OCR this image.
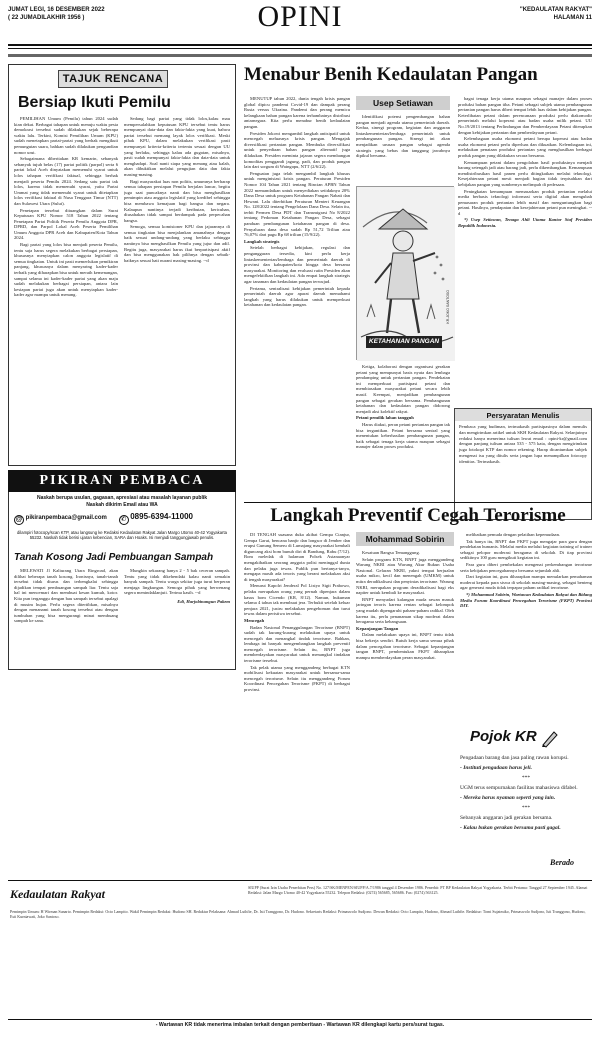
JUMAT LEGI, 16 DESEMBER 2022
( 22 JUMADILAKHIR 1956 )	OPINI	"KEDAULATAN RAKYAT"
HALAMAN 11
TAJUK RENCANA
Bersiap Ikuti Pemilu

PEMILIHAN Umum (Pemilu) tahun 2024 sudah kian dekat. Berbagai tahapan untuk menuju waktu pesta demokrasi tersebut sudah dilakukan sejak beberapa waktu lalu. Terkini, Komisi Pemilihan Umum (KPU) sudah menetapkan partai-partai yang berhak mengikuti pemungutan suara, bahkan sudah dilakukan pengundian nomor urut.

Sebagaimana diberitakan KR kemarin, sebanyak sebanyak tujuh belas (17) partai politik (parpol) serta 6 partai lokal Aceh dinyatakan memenuhi syarat untuk lolos tahapan verifikasi faktual, sehingga berhak menjadi peserta Pemilu 2024. Sedang satu partai tak lolos, karena tidak memenuhi syarat, yaitu Partai Ummat yang tidak memenuhi syarat untuk ditetapkan lolos verifikasi faktual di Nusa Tenggara Timur (NTT) dan Sulawesi Utara (Sulut).

Penetapan tersebut dituangkan dalam Surat Keputusan KPU Nomor 518 Tahun 2022 tentang Penetapan Partai Politik Peserta Pemilu Anggota DPR, DPRD, dan Parpol Lokal Aceh Peserta Pemilihan Umum Anggota DPR Aceh dan Kabupaten/Kota Tahun 2024.

Bagi partai yang lolos bisa menjadi peserta Pemilu, tentu saja harus segera melakukan berbagai persiapan, khususnya menyiapkan calon anggota legislatif di semua tingkatan. Untuk ini pasti memerlukan pemikiran panjang, khususnya dalam menyaring kader-kader terbaik yang diharapkan bisa untuk meraih kemenangan, sampai selama ini kader-kader partai yang akan maju sudah melakukan berbagai persiapan, antara lain kesiapan partai juga akan untuk menyiapkan kader-kader agar mampu untuk menang.

Sedang bagi partai yang tidak lolos,kalau mau mempersalahkan keputusan KPU tersebut tentu harus mempunyai data-data dan fakta-fakta yang kuat, bahwa partai tersebut memang layak lolos verifikasi. Meski pihak KPU, dalam melakukan verifikasi pasti mempunyai kriteria-kriteria tertentu sesuai dengan UU yang berlaku, sehingga kalau ada gugatan, misalnya, pasti sudah mempunyai fakta-fakta dan data-data untuk menghadapi. Soal nanti siapa yang menang atau kalah, akan dibuktikan melalui pengujian data dan fakta masing-masing.

Bagi masyarakat luas non politis, umumnya berharap semua tahapan persiapan Pemilu berjalan lancar, begitu juga saat puncaknya nanti dan bisa menghasilkan pemimpin atau anggota legislatif yang kredibel sehingga bisa membawa kemajuan bagi bangsa dan negara. Kalaupun nantinya terjadi keributan, kericuhan, diusahakan tidak sampai berdampak pada perpecahan bangsa.

Semoga, semua komisioner KPU dan jajarannya di semua tingkatan bisa menjalankan amanahnya dengan baik sesuai undang-undang yang berlaku sehingga nantinya bisa menghasilkan Pemilu yang jujur dan adil. Begitu juga, masyarakat harus ikut berpartisipasi aktif dan bisa menggunakan hak pilihnya dengan sebaik-baiknya sesuai hati nurani masing-masing. --d

PIKIRAN PEMBACA
Naskah berupa usulan, gagasan, apresiasi atau masalah layanan publik
Naskah dikirim Email atau WA
@ pikiranpembaca@gmail.com ✆ 0895-6394-11000
dilampiri fotocopy/scan KTP, atau langsung ke Redaksi Kedaulatan Rakyat Jalan Margo Utomo 40-42 Yogyakarta 55232. Naskah tidak berisi ujaran kebencian, SARA dan Hoaks. Isi menjadi tanggungjawab penulis.
Tanah Kosong Jadi Pembuangan Sampah

MELEWATI Jl Kaliurang Utara Ringroad, akan dilihat beberapa tanah kosong. Ironisnya, tanah-tanah tersebut tidak diurus dan terbengkalai sehingga dijadikan tempat pembuangan sampah liar. Tentu saja hal ini mencemari dan membuat kesan kumuh, kotor. Kita pun terganggu dengan bau sampah tersebut apalagi di musim hujan. Perlu segera ditertibkan, misalnya dengan menanami tanah kosong tersebut atau dengan tumbuhan yang bisa mengurangi minat membuang sampah ke sana.

Mungkin sekarang hanya 2 - 5 bak ceceran sampah. Tentu yang tidak dikehendaki kalau nanti semakin banyak sampah. Tentu warga sekitar juga turut berperan menjaga lingkungan. Semoga pihak yang berwenang segera menindaklanjuti. Terima kasih. --d

Edi, Harjobinangun Pakem

Menabur Benih Kedaulatan Pangan

MENUTUP tahun 2022, dunia tengah krisis pangan global dipicu pandemi Covid-19 dan dampak perang Rusia versus Ukraina. Pandemi dan perang memicu kelangkaan bahan pangan karena terhambatnya distribusi antarnegara. Kita perlu menabur benih kedaulatan pangan.

Presiden Jokowi mengambil langkah antisipatif untuk mencegah meluasnya krisis pangan. Mengajak diversifikasi pertanian pangan. Membuka diversifikasi untuk penyediaan bahan pangan alternatif juga dilakukan. Presiden meminta jajaran segera membangun komoditas penggandi jagung, padi, dan produk pangan lain dari sorgum di Waingapu, NTT (2/6/22).

Penguatan juga telah mengambil langkah khusus untuk menginisiasi krisis pangan. Peraturan Presiden Nomor 104 Tahun 2021 tentang Rincian APBN Tahun 2022 memandatkan untuk menyediakan setidaknya 20% Dana Desa untuk program Ketahanan Pangan Nabati dan Hewani. Lalu diterbitkan Peraturan Menteri Keuangan No. 128/2022 tentang Pengelolaan Dana Desa. Selain itu, terbit Permen Desa PDT dan Transmigrasi No 8/2022 tentang Pedoman Ketahanan Pangan Desa, sebagai panduan pembangunan ketahanan pangan di desa. Penyaluran dana desa sudah Rp 51,72 Triliun atau 76,07% dari pagu Rp 68 triliun (15/9/22).

Langkah strategis

Setelah berbagai kebijakan, regulasi dan penganggaran tersedia, kini perlu kerja lintaskementerian/lembaga dan pemerintah daerah di provinsi dan kabupaten/kota hingga desa bersama masyarakat. Monitoring dan evaluasi rutin Presiden akan mengefektifkan langkah ini. Ada empat langkah strategis agar tanaman dan kedaulatan pangan terwujud.

Pertama, sentralisasi kebijakan pemerintah kepada pemerintah daerah agar aparat daerah memahami langkah yang harus dilakukan untuk memperkuat ketahanan dan kedaulatan pangan.

Usep Setiawan

Identifikasi potensi pengembangan bahan pangan menjadi agenda utama pemerintah daerah. Kedua, sinergi program, kegiatan dan anggaran lintaskementerian/lembaga pemerintah untuk pembangunan pangan. Sinergi ini akan menjadikan urusan pangan sebagai agenda strategis yang bebas dan tanggung jawabnya dipikul bersama.

KETAHANAN PANGAN
KR-JOKO SANTOSO

Ketiga, kolaborasi dengan organisasi gerakan petani yang mempunyai basis nyata dan lembaga pendamping untuk pertanian pangan. Pendekatan ini memperkuat partisipasi petani dan membiasakan masyarakat petani secara lebih masif. Keempat, menjadikan pembangunan pangan sebagai gerakan bersama. Pembangunan ketahanan dan kedaulatan pangan didorong menjadi aksi kolektif rakyat.

Petani pemilik lahan tangguh

Harus diakui, peran petani pertanian pangan tak bisa tergantikan. Petani bersama sentral yang menentukan keberhasilan pembangunan pangan, baik sebagai tenaga kerja utama maupun sebagai manajer dalam proses produksi.

bagai tenaga kerja utama maupun sebagai manajer dalam proses produksi bahan pangan tiba. Petani sebagai subjek utama pembangunan pertanian pangan harus diberi tempat lebih luas dalam kebijakan pangan. Keterlibatan petani dalam perencanaan produksi perlu diakomodir pemerintah melalui koperasi atau badan usaha milik petani. UU No.19/2013 tentang Perlindungan dan Pemberdayaan Petani diterapkan dengan kebijakan pertanian dan pemberdayaan petani.

Kelembagaan usaha ekonomi petani berupa koperasi atau badan usaha ekonomi petani perlu diperluas dan dikuatkan. Kelembagaan ini, melakukan penataan produksi pertanian yang menghasilkan berbagai produk pangan yang dilakukan secara bersama.

Kemampuan petani dalam pengolahan hasil produksinya menjadi barang setengah jadi atau barang jadi, perlu dikembangkan. Kemampuan mendistribusikan hasil panen perlu ditingkatkan melalui teknologi. Kesejahteraan petani mesti menjadi bagian tidak terpisahkan dari kebijakan pangan yang sumbernya melimpah di pedesaan.

Peningkatan kemampuan memasarkan produk pertanian melalui media berbasis teknologi informasi serta digital akan mengubah pemasaran produk pertanian lebih masif dan menguntungkan bagi petani. Hasilnya, pendapatan dan kesejahteraan petani pun meningkat. --d

*) Usep Setiawan, Tenaga Ahli Utama Kantor Staf Presiden Republik Indonesia.

Persyaratan Menulis
Pembaca yang budiman, terimakasih partisipasinya dalam menulis dan mengirimkan artikel untuk SKH Kedaulatan Rakyat. Selanjutnya redaksi hanya menerima tulisan lewat email : opini-kr@gmail.com dengan panjang tulisan antara 535 - 575 kata, dengan mengirimkan juga fotokopi KTP dan nomor rekening. Harap dicantumkan subjek mengenai isu yang ditulis serta jangan lupa menampilkan fotocopy identitas. Terimakasih.
Langkah Preventif Cegah Terorisme

DI TENGAH suasana duka akibat Gempa Cianjur, Gempa Garut, bencana banjir dan longsor di Jember dan erupsi Gunung Semeru di Lumajang masyarakat kembali diguncang aksi bom bunuh diri di Bandung, Rabu (7/12). Bom meledak di halaman Polsek Astanaanyar mengakibatkan seorang anggota polisi meninggal dunia dan pelaku juga tewas. Publik pun bertanya-tanya, mengapa masih ada teroris yang berani melakukan aksi di tengah masyarakat?

Menurut Kapolri Jenderal Pol Listyo Sigit Prabowo, pelaku merupakan orang yang pernah dipenjara dalam kasus bom Cicendo (KR, 8/12). Namun, hukuman selama 4 tahun tak membuat jera. Terbukti setelah keluar penjara 2021, justru melakukan pengeboman dan turut tewas dalam peristiwa tersebut.

Mencegah

Badan Nasional Penanggulangan Terorisme (BNPT) sudah tak kurang-kurang melakukan upaya untuk mencegah dan menangkal tindak terorisme. Bahkan, lembaga ini banyak mengembangkan langkah preventif mencegah terorisme. Selain itu, BNPT juga memberdayakan masyarakat untuk menangkal tindakan terorisme tersebut.

Tak pelak utama yang menggandeng berbagai KTN mobilisasi kekuatan masyarakat untuk bersama-sama mencegah terorisme. Selain itu menggandeng Forum Koordinasi Pencegahan Terorisme (FKPT) di berbagai provinsi.

Mohammad Sobirin

Kesatuan Bangsa Temanggung.

Selain program KTN, BNPT juga menggandeng Warung NKRI atau Warung Akur Rukun Usaha Nasional. Gelaran NKRI, yakni tempat berjualan usaha mikro, kecil dan menengah (UMKM) untuk mitra deradikalisasi dan penyintas terorisme. Warung NKRI, merupakan program deradikalisasi bagi eks napiter untuk kembali ke masyarakat.

BNPT menyadari kalangan muda rawan masuk jaringan teroris karena rentan sebagai kelompok yang mudah dipengaruhi paham-paham radikal. Oleh karena itu, perlu penanaman sikap moderat dalam beragama serta kebangsaan.

Kepanjangan Tangan

Dalam melakukan upaya ini, BNPT tentu tidak bisa bekerja sendiri. Butuh kerja sama semua pihak dalam pencegahan terorisme. Sebagai kepanjangan tangan BNPT, pembentukan FKPT diharapkan mampu memberdayakan peran masyarakat.

melibatkan pemuda dengan pelatihan kepemudaan.

Tak hanya itu, BNPT dan FKPT juga mengajar para guru dengan pendekatan humanis. Melalui media melalui kegiatan training of trainer sebagai pelopor moderasi beragama di sekolah. Di tiap provinsi sedikitnya 100 guru mengikuti kegiatan ini.

Para guru diberi pembekalan mengenai perkembangan terorisme serta kebijakan pencegahannya bersama sejumlah ahli.

Dari kegiatan ini, guru diharapkan mampu menularkan pemahaman moderat kepada para siswa di sekolah masing-masing, sebagai benteng agar generasi muda tidak terpapar paham radikal terorisme.

*) Mohammad Sobirin, Wartawan Kedaulatan Rakyat dan Bidang Media Forum Koordinasi Pencegahan Terorisme (FKPT) Provinsi DIY.

Pojok KR

Pengadaan barang dan jasa paling rawan korupsi.

- Instituti pengadaan harus jeli.

***

UGM terus sempurnakan fasilitas mahasiswa difabel.

- Mereka harus nyaman seperti yang lain.

***

Sebanyak anggaran jadi gerakan bersama.

- Kalau bukan gerakan bersama pasti gagal.

Berado
Kedaulatan Rakyat	SIUPP (Surat Izin Usaha Penerbitan Pers) No. 127/SK/MENPEN/SIUPP/A.7/1986 tanggal 4 Desember 1986. Penerbit: PT BP Kedaulatan Rakyat Yogyakarta. Terbit Pertama: Tanggal 27 September 1945. Alamat Redaksi: Jalan Margo Utomo 40-42 Yogyakarta 55232. Telepon Redaksi: (0274) 565685, 565686. Fax: (0274) 563125.
Pemimpin Umum: H Wirman Sunarto. Pemimpin Redaksi: Octo Lampito. Wakil Pemimpin Redaksi: Hudono SH. Redaktur Pelaksana: Ahmad Luthfie, Dr. Isti Tranggono, Dr. Hudono. Sekretaris Redaksi: Primaswolo Sudjono. Dewan Redaksi: Octo Lampito, Hudono, Ahmad Luthfie. Redaktur: Tomi Sujatmiko, Primaswolo Sudjono, Isti Tranggono, Hudono, Esti Kurniawati, Joko Santoso.
- Wartawan KR tidak menerima imbalan terkait dengan pemberitaan - Wartawan KR dilengkapi kartu pers/surat tugas.
